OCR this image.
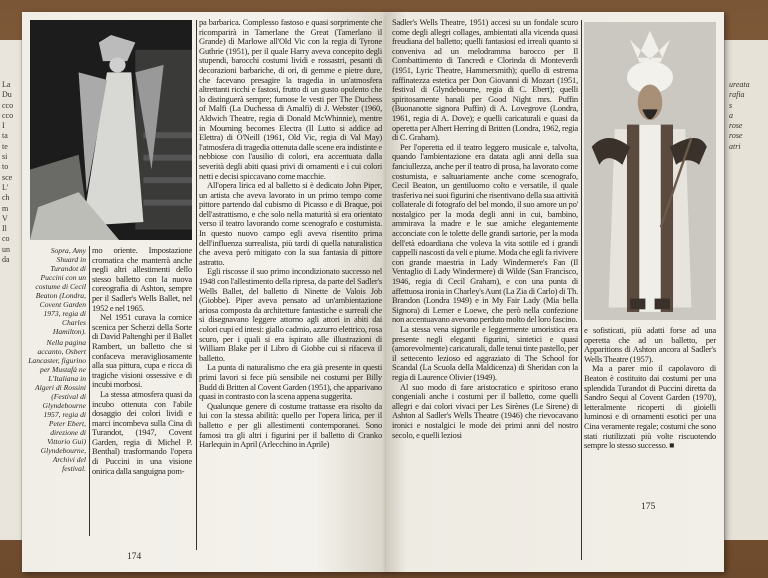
La
Du
cco
cco
I
ta
te
si
to
sce
L'
ch
m
V
Il
co
un
da
ureata
rafia
s
a
rose
rose
atri

Sopra, Amy Shuard in Turandot di Puccini con un costume di Cecil Beaton (Londra, Covent Garden 1973, regia di Charles Hamilton).

Nella pagina accanto, Osbert Lancaster, figurino per Mustafà ne L'Italiana in Algeri di Rossini (Festival di Glyndebourne 1957, regia di Peter Ebert, direzione di Vittorio Gui) Glyndebourne, Archivi del festival.

mo oriente. Impostazione cromatica che manterrà anche negli altri allestimenti dello stesso balletto con la nuova coreografia di Ashton, sempre per il Sadler's Wells Ballet, nel 1952 e nel 1965.

Nel 1951 curava la cornice scenica per Scherzi della Sorte di David Paltenghi per il Ballet Rambert, un balletto che si confaceva meravigliosamente alla sua pittura, cupa e ricca di tragiche visioni ossessive e di incubi morbosi.

La stessa atmosfera quasi da incubo ottenuta con l'abile dosaggio dei colori lividi e marci incombeva sulla Cina di Turandot, (1947, Covent Garden, regia di Michel P. Benthal) trasformando l'opera di Puccini in una visione onirica dalla sanguigna pom-

pa barbarica. Complesso fastoso e quasi sorprimente che ricomparirà in Tamerlane the Great (Tamerlano il Grande) di Marlowe all'Old Vic con la regia di Tyrone Guthrie (1951), per il quale Harry aveva concepito degli stupendi, barocchi costumi lividi e rossastri, pesanti di decorazioni barbariche, di ori, di gemme e pietre dure, che facevano presagire la tragedia in un'atmosfera altrettanti ricchi e fastosi, frutto di un gusto opulento che lo distinguerà sempre; fumose le vesti per The Duchess of Malfi (La Duchessa di Amalfi) di J. Webster (1960, Aldwich Theatre, regia di Donald McWhinnie), mentre in Mourning becomes Electra (Il Lutto si addice ad Elettra) di O'Neill (1961, Old Vic, regia di Val May) l'atmosfera di tragedia ottenuta dalle scene era indistinte e nebbiose con l'ausilio di colori, era accentuata dalla severità degli abiti quasi privi di ornamenti e i cui colori netti e decisi spiccavano come macchie.

All'opera lirica ed al balletto si è dedicato John Piper, un artista che aveva lavorato in un primo tempo come pittore partendo dal cubismo di Picasso e di Braque, poi dell'astrattismo, e che solo nella maturità si era orientato verso il teatro lavorando come scenografo e costumista. In questo nuovo campo egli aveva risentito prima dell'influenza surrealista, più tardi di quella naturalistica che aveva però mitigato con la sua fantasia di pittore astratto.

Egli riscosse il suo primo incondizionato successo nel 1948 con l'allestimento della ripresa, da parte del Sadler's Wells Ballet, del balletto di Ninette de Valois Job (Giobbe). Piper aveva pensato ad un'ambientazione ariosa composta da architetture fantastiche e surreali che si disegnavano leggere attorno agli attori in abiti dai colori cupi ed intesi: giallo cadmio, azzurro elettrico, rosa scuro, per i quali si era ispirato alle illustrazioni di William Blake per il Libro di Giobbe cui si rifaceva il balletto.

La punta di naturalismo che era già presente in questi primi lavori si fece più sensibile nei costumi per Billy Budd di Britten al Covent Garden (1951), che apparivano quasi in contrasto con la scena appena suggerita.

Qualunque genere di costume trattasse era risolto da lui con la stessa abilità: quello per l'opera lirica, per il balletto e per gli allestimenti contemporanei. Sono famosi tra gli altri i figurini per il balletto di Cranko Harlequin in April (Arlecchino in Aprile)

174

Sadler's Wells Theatre, 1951) accesi su un fondale scuro come degli allegri collages, ambientati alla vicenda quasi freudiana del balletto; quelli fantasiosi ed irreali quanto si conveniva ad un melodramma barocco per Il Combattimento di Tancredi e Clorinda di Monteverdi (1951, Lyric Theatre, Hammersmith); quello di estrema raffinatezza estetica per Don Giovanni di Mozart (1951, festival di Glyndebourne, regia di C. Ebert); quelli spiritosamente banali per Good Night mrs. Puffin (Buonanotte signora Puffin) di A. Lovegrove (Londra, 1961, regia di A. Dove); e quelli caricaturali e quasi da operetta per Albert Herring di Britten (Londra, 1962, regia di C. Graham).

Per l'operetta ed il teatro leggero musicale e, talvolta, quando l'ambientazione era datata agli anni della sua fanciullezza, anche per il teatro di prosa, ha lavorato come costumista, e saltuariamente anche come scenografo, Cecil Beaton, un gentiluomo colto e versatile, il quale trasferiva nei suoi figurini che risentivano della sua attività collaterale di fotografo del bel mondo, il suo amore un po' nostalgico per la moda degli anni in cui, bambino, ammirava la madre e le sue amiche elegantemente acconciate con le tolette delle grandi sartorie, per la moda dell'età edoardiana che voleva la vita sottile ed i grandi cappelli nascosti da veli e piume. Moda che egli fa rivivere con grande maestria in Lady Windermere's Fan (Il Ventaglio di Lady Windermere) di Wilde (San Francisco, 1946, regia di Cecil Graham), e con una punta di affettuosa ironia in Charley's Aunt (La Zia di Carlo) di Th. Brandon (Londra 1949) e in My Fair Lady (Mia bella Signora) di Lerner e Loewe, che però nella confezione non accentuavano avevano perduto molto del loro fascino.

La stessa vena signorile e leggermente umoristica era presente negli eleganti figurini, sintetici e quasi (amorevolmente) caricaturali, dalle tenui tinte pastello, per il settecento lezioso ed aggraziato di The School for Scandal (La Scuola della Maldicenza) di Sheridan con la regia di Laurence Olivier (1949).

Al suo modo di fare aristocratico e spiritoso erano congeniali anche i costumi per il balletto, come quelli allegri e dai colori vivaci per Les Sirènes (Le Sirene) di Ashton al Sadler's Wells Theatre (1946) che rievocavano ironici e nostalgici le mode dei primi anni del nostro secolo, e quelli leziosi

e sofisticati, più adatti forse ad una operetta che ad un balletto, per Apparitions di Ashton ancora al Sadler's Wells Theatre (1957).

Ma a parer mio il capolavoro di Beaton è costituito dai costumi per una splendida Turandot di Puccini diretta da Sandro Sequi al Covent Garden (1970), letteralmente ricoperti di gioielli luminosi e di ornamenti esotici per una Cina veramente regale; costumi che sono stati riutilizzati più volte riscuotendo sempre lo stesso successo. ■

175
